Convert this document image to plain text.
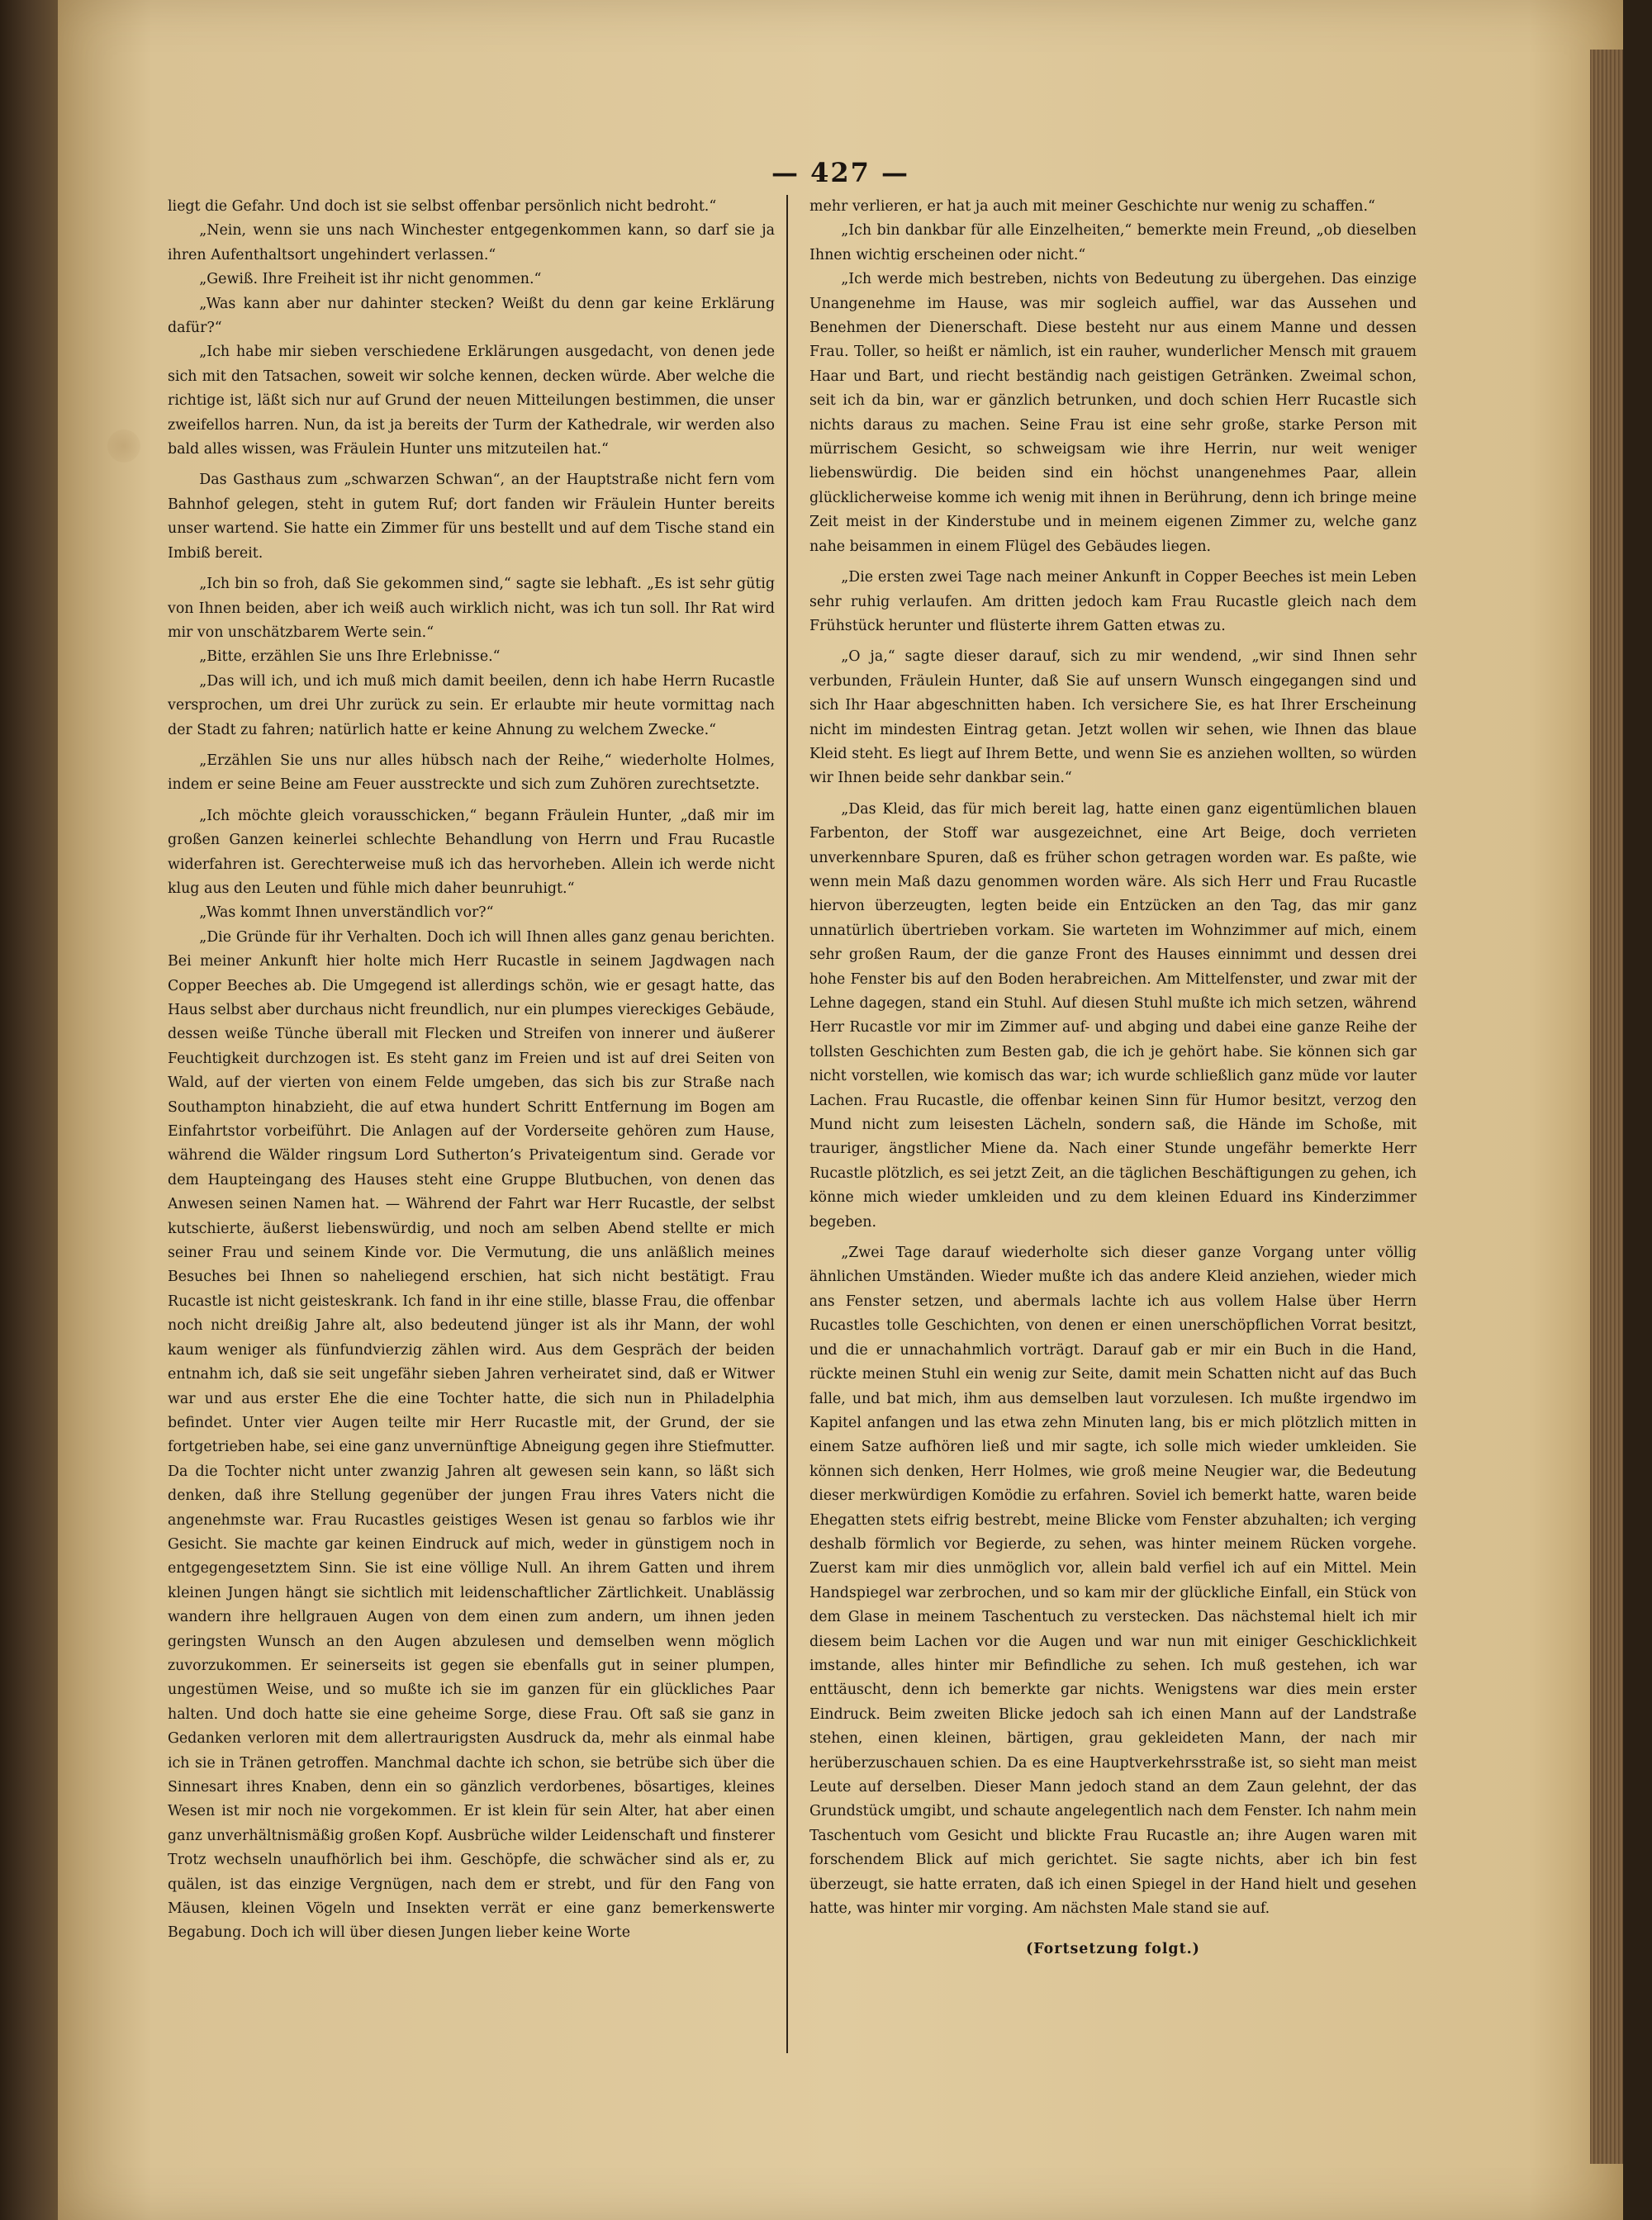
— 427 —

liegt die Gefahr. Und doch ist sie selbst offenbar persönlich nicht bedroht.“

„Nein, wenn sie uns nach Winchester entgegenkommen kann, so darf sie ja ihren Aufenthaltsort ungehindert verlassen.“

„Gewiß. Ihre Freiheit ist ihr nicht genommen.“

„Was kann aber nur dahinter stecken? Weißt du denn gar keine Erklärung dafür?“

„Ich habe mir sieben verschiedene Erklärungen ausgedacht, von denen jede sich mit den Tatsachen, soweit wir solche kennen, decken würde. Aber welche die richtige ist, läßt sich nur auf Grund der neuen Mitteilungen bestimmen, die unser zweifellos harren. Nun, da ist ja bereits der Turm der Kathedrale, wir werden also bald alles wissen, was Fräulein Hunter uns mitzuteilen hat.“

Das Gasthaus zum „schwarzen Schwan“, an der Hauptstraße nicht fern vom Bahnhof gelegen, steht in gutem Ruf; dort fanden wir Fräulein Hunter bereits unser wartend. Sie hatte ein Zimmer für uns bestellt und auf dem Tische stand ein Imbiß bereit.

„Ich bin so froh, daß Sie gekommen sind,“ sagte sie lebhaft. „Es ist sehr gütig von Ihnen beiden, aber ich weiß auch wirklich nicht, was ich tun soll. Ihr Rat wird mir von unschätzbarem Werte sein.“

„Bitte, erzählen Sie uns Ihre Erlebnisse.“

„Das will ich, und ich muß mich damit beeilen, denn ich habe Herrn Rucastle versprochen, um drei Uhr zurück zu sein. Er erlaubte mir heute vormittag nach der Stadt zu fahren; natürlich hatte er keine Ahnung zu welchem Zwecke.“

„Erzählen Sie uns nur alles hübsch nach der Reihe,“ wiederholte Holmes, indem er seine Beine am Feuer ausstreckte und sich zum Zuhören zurechtsetzte.

„Ich möchte gleich vorausschicken,“ begann Fräulein Hunter, „daß mir im großen Ganzen keinerlei schlechte Behandlung von Herrn und Frau Rucastle widerfahren ist. Gerechterweise muß ich das hervorheben. Allein ich werde nicht klug aus den Leuten und fühle mich daher beunruhigt.“

„Was kommt Ihnen unverständlich vor?“

„Die Gründe für ihr Verhalten. Doch ich will Ihnen alles ganz genau berichten. Bei meiner Ankunft hier holte mich Herr Rucastle in seinem Jagdwagen nach Copper Beeches ab. Die Umgegend ist allerdings schön, wie er gesagt hatte, das Haus selbst aber durchaus nicht freundlich, nur ein plumpes viereckiges Gebäude, dessen weiße Tünche überall mit Flecken und Streifen von innerer und äußerer Feuchtigkeit durchzogen ist. Es steht ganz im Freien und ist auf drei Seiten von Wald, auf der vierten von einem Felde umgeben, das sich bis zur Straße nach Southampton hinabzieht, die auf etwa hundert Schritt Entfernung im Bogen am Einfahrtstor vorbeiführt. Die Anlagen auf der Vorderseite gehören zum Hause, während die Wälder ringsum Lord Sutherton’s Privateigentum sind. Gerade vor dem Haupteingang des Hauses steht eine Gruppe Blutbuchen, von denen das Anwesen seinen Namen hat. — Während der Fahrt war Herr Rucastle, der selbst kutschierte, äußerst liebenswürdig, und noch am selben Abend stellte er mich seiner Frau und seinem Kinde vor. Die Vermutung, die uns anläßlich meines Besuches bei Ihnen so naheliegend erschien, hat sich nicht bestätigt. Frau Rucastle ist nicht geisteskrank. Ich fand in ihr eine stille, blasse Frau, die offenbar noch nicht dreißig Jahre alt, also bedeutend jünger ist als ihr Mann, der wohl kaum weniger als fünfundvierzig zählen wird. Aus dem Gespräch der beiden entnahm ich, daß sie seit ungefähr sieben Jahren verheiratet sind, daß er Witwer war und aus erster Ehe die eine Tochter hatte, die sich nun in Philadelphia befindet. Unter vier Augen teilte mir Herr Rucastle mit, der Grund, der sie fortgetrieben habe, sei eine ganz unvernünftige Abneigung gegen ihre Stiefmutter. Da die Tochter nicht unter zwanzig Jahren alt gewesen sein kann, so läßt sich denken, daß ihre Stellung gegenüber der jungen Frau ihres Vaters nicht die angenehmste war. Frau Rucastles geistiges Wesen ist genau so farblos wie ihr Gesicht. Sie machte gar keinen Eindruck auf mich, weder in günstigem noch in entgegengesetztem Sinn. Sie ist eine völlige Null. An ihrem Gatten und ihrem kleinen Jungen hängt sie sichtlich mit leidenschaftlicher Zärtlichkeit. Unablässig wandern ihre hellgrauen Augen von dem einen zum andern, um ihnen jeden geringsten Wunsch an den Augen abzulesen und demselben wenn möglich zuvorzukommen. Er seinerseits ist gegen sie ebenfalls gut in seiner plumpen, ungestümen Weise, und so mußte ich sie im ganzen für ein glückliches Paar halten. Und doch hatte sie eine geheime Sorge, diese Frau. Oft saß sie ganz in Gedanken verloren mit dem allertraurigsten Ausdruck da, mehr als einmal habe ich sie in Tränen getroffen. Manchmal dachte ich schon, sie betrübe sich über die Sinnesart ihres Knaben, denn ein so gänzlich verdorbenes, bösartiges, kleines Wesen ist mir noch nie vorgekommen. Er ist klein für sein Alter, hat aber einen ganz unverhältnismäßig großen Kopf. Ausbrüche wilder Leidenschaft und finsterer Trotz wechseln unaufhörlich bei ihm. Geschöpfe, die schwächer sind als er, zu quälen, ist das einzige Vergnügen, nach dem er strebt, und für den Fang von Mäusen, kleinen Vögeln und Insekten verrät er eine ganz bemerkenswerte Begabung. Doch ich will über diesen Jungen lieber keine Worte

mehr verlieren, er hat ja auch mit meiner Geschichte nur wenig zu schaffen.“

„Ich bin dankbar für alle Einzelheiten,“ bemerkte mein Freund, „ob dieselben Ihnen wichtig erscheinen oder nicht.“

„Ich werde mich bestreben, nichts von Bedeutung zu übergehen. Das einzige Unangenehme im Hause, was mir sogleich auffiel, war das Aussehen und Benehmen der Dienerschaft. Diese besteht nur aus einem Manne und dessen Frau. Toller, so heißt er nämlich, ist ein rauher, wunderlicher Mensch mit grauem Haar und Bart, und riecht beständig nach geistigen Getränken. Zweimal schon, seit ich da bin, war er gänzlich betrunken, und doch schien Herr Rucastle sich nichts daraus zu machen. Seine Frau ist eine sehr große, starke Person mit mürrischem Gesicht, so schweigsam wie ihre Herrin, nur weit weniger liebenswürdig. Die beiden sind ein höchst unangenehmes Paar, allein glücklicherweise komme ich wenig mit ihnen in Berührung, denn ich bringe meine Zeit meist in der Kinderstube und in meinem eigenen Zimmer zu, welche ganz nahe beisammen in einem Flügel des Gebäudes liegen.

„Die ersten zwei Tage nach meiner Ankunft in Copper Beeches ist mein Leben sehr ruhig verlaufen. Am dritten jedoch kam Frau Rucastle gleich nach dem Frühstück herunter und flüsterte ihrem Gatten etwas zu.

„O ja,“ sagte dieser darauf, sich zu mir wendend, „wir sind Ihnen sehr verbunden, Fräulein Hunter, daß Sie auf unsern Wunsch eingegangen sind und sich Ihr Haar abgeschnitten haben. Ich versichere Sie, es hat Ihrer Erscheinung nicht im mindesten Eintrag getan. Jetzt wollen wir sehen, wie Ihnen das blaue Kleid steht. Es liegt auf Ihrem Bette, und wenn Sie es anziehen wollten, so würden wir Ihnen beide sehr dankbar sein.“

„Das Kleid, das für mich bereit lag, hatte einen ganz eigentümlichen blauen Farbenton, der Stoff war ausgezeichnet, eine Art Beige, doch verrieten unverkennbare Spuren, daß es früher schon getragen worden war. Es paßte, wie wenn mein Maß dazu genommen worden wäre. Als sich Herr und Frau Rucastle hiervon überzeugten, legten beide ein Entzücken an den Tag, das mir ganz unnatürlich übertrieben vorkam. Sie warteten im Wohnzimmer auf mich, einem sehr großen Raum, der die ganze Front des Hauses einnimmt und dessen drei hohe Fenster bis auf den Boden herabreichen. Am Mittelfenster, und zwar mit der Lehne dagegen, stand ein Stuhl. Auf diesen Stuhl mußte ich mich setzen, während Herr Rucastle vor mir im Zimmer auf- und abging und dabei eine ganze Reihe der tollsten Geschichten zum Besten gab, die ich je gehört habe. Sie können sich gar nicht vorstellen, wie komisch das war; ich wurde schließlich ganz müde vor lauter Lachen. Frau Rucastle, die offenbar keinen Sinn für Humor besitzt, verzog den Mund nicht zum leisesten Lächeln, sondern saß, die Hände im Schoße, mit trauriger, ängstlicher Miene da. Nach einer Stunde ungefähr bemerkte Herr Rucastle plötzlich, es sei jetzt Zeit, an die täglichen Beschäftigungen zu gehen, ich könne mich wieder umkleiden und zu dem kleinen Eduard ins Kinderzimmer begeben.

„Zwei Tage darauf wiederholte sich dieser ganze Vorgang unter völlig ähnlichen Umständen. Wieder mußte ich das andere Kleid anziehen, wieder mich ans Fenster setzen, und abermals lachte ich aus vollem Halse über Herrn Rucastles tolle Geschichten, von denen er einen unerschöpflichen Vorrat besitzt, und die er unnachahmlich vorträgt. Darauf gab er mir ein Buch in die Hand, rückte meinen Stuhl ein wenig zur Seite, damit mein Schatten nicht auf das Buch falle, und bat mich, ihm aus demselben laut vorzulesen. Ich mußte irgendwo im Kapitel anfangen und las etwa zehn Minuten lang, bis er mich plötzlich mitten in einem Satze aufhören ließ und mir sagte, ich solle mich wieder umkleiden. Sie können sich denken, Herr Holmes, wie groß meine Neugier war, die Bedeutung dieser merkwürdigen Komödie zu erfahren. Soviel ich bemerkt hatte, waren beide Ehegatten stets eifrig bestrebt, meine Blicke vom Fenster abzuhalten; ich verging deshalb förmlich vor Begierde, zu sehen, was hinter meinem Rücken vorgehe. Zuerst kam mir dies unmöglich vor, allein bald verfiel ich auf ein Mittel. Mein Handspiegel war zerbrochen, und so kam mir der glückliche Einfall, ein Stück von dem Glase in meinem Taschentuch zu verstecken. Das nächstemal hielt ich mir diesem beim Lachen vor die Augen und war nun mit einiger Geschicklichkeit imstande, alles hinter mir Befindliche zu sehen. Ich muß gestehen, ich war enttäuscht, denn ich bemerkte gar nichts. Wenigstens war dies mein erster Eindruck. Beim zweiten Blicke jedoch sah ich einen Mann auf der Landstraße stehen, einen kleinen, bärtigen, grau gekleideten Mann, der nach mir herüberzuschauen schien. Da es eine Hauptverkehrsstraße ist, so sieht man meist Leute auf derselben. Dieser Mann jedoch stand an dem Zaun gelehnt, der das Grundstück umgibt, und schaute angelegentlich nach dem Fenster. Ich nahm mein Taschentuch vom Gesicht und blickte Frau Rucastle an; ihre Augen waren mit forschendem Blick auf mich gerichtet. Sie sagte nichts, aber ich bin fest überzeugt, sie hatte erraten, daß ich einen Spiegel in der Hand hielt und gesehen hatte, was hinter mir vorging. Am nächsten Male stand sie auf.

(Fortsetzung folgt.)
